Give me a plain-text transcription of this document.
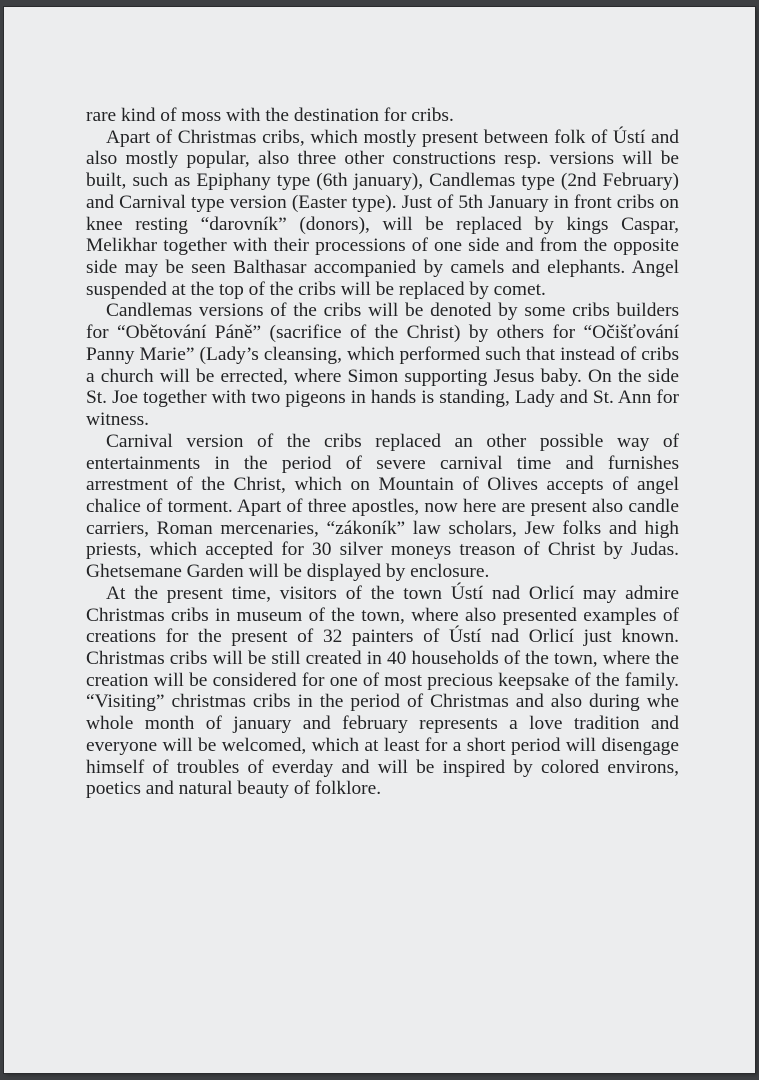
rare kind of moss with the destination for cribs.

Apart of Christmas cribs, which mostly present between folk of Ústí and also mostly popular, also three other constructions resp. versions will be built, such as Epiphany type (6th january), Candlemas type (2nd February) and Carnival type version (Easter type). Just of 5th January in front cribs on knee resting “darovník” (donors), will be replaced by kings Caspar, Melikhar together with their processions of one side and from the opposite side may be seen Balthasar accompanied by camels and elephants. Angel suspended at the top of the cribs will be replaced by comet.

Candlemas versions of the cribs will be denoted by some cribs builders for “Obětování Páně” (sacrifice of the Christ) by others for “Očišťování Panny Marie” (Lady’s cleansing, which performed such that instead of cribs a church will be errected, where Simon supporting Jesus baby. On the side St. Joe together with two pigeons in hands is standing, Lady and St. Ann for witness.

Carnival version of the cribs replaced an other possible way of entertainments in the period of severe carnival time and furnishes arrestment of the Christ, which on Mountain of Olives accepts of angel chalice of torment. Apart of three apostles, now here are present also candle carriers, Roman mercenaries, “zákoník” law scholars, Jew folks and high priests, which accepted for 30 silver moneys treason of Christ by Judas. Ghetsemane Garden will be displayed by enclosure.

At the present time, visitors of the town Ústí nad Orlicí may admire Christmas cribs in museum of the town, where also presented examples of creations for the present of 32 painters of Ústí nad Orlicí just known. Christmas cribs will be still created in 40 households of the town, where the creation will be considered for one of most precious keepsake of the family. “Visiting” christmas cribs in the period of Christmas and also during whe whole month of january and february represents a love tradition and everyone will be welcomed, which at least for a short period will disengage himself of troubles of everday and will be inspired by colored environs, poetics and natural beauty of folklore.
